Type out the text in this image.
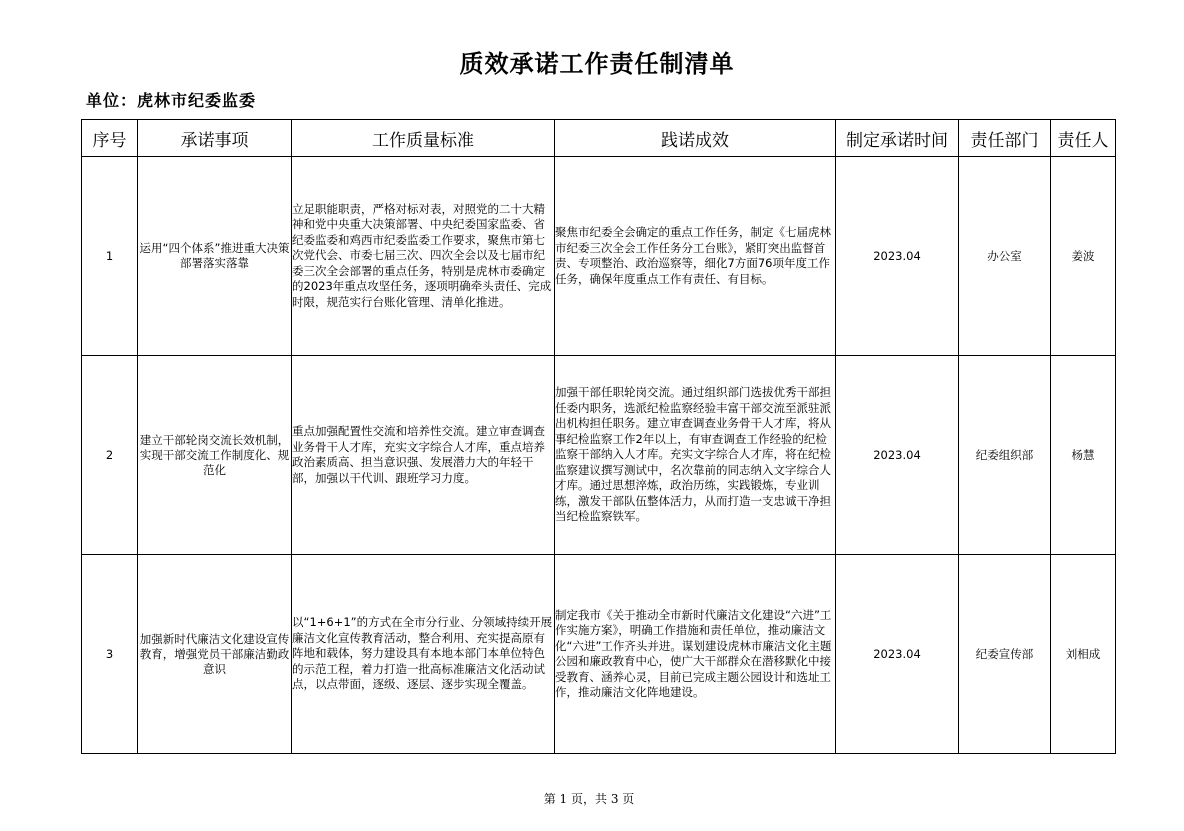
质效承诺工作责任制清单
单位：虎林市纪委监委
序号	承诺事项	工作质量标准	践诺成效	制定承诺时间	责任部门	责任人
1	运用“四个体系”推进重大决策部署落实落靠	立足职能职责，严格对标对表，对照党的二十大精神和党中央重大决策部署、中央纪委国家监委、省纪委监委和鸡西市纪委监委工作要求，聚焦市第七次党代会、市委七届三次、四次全会以及七届市纪委三次全会部署的重点任务，特别是虎林市委确定的2023年重点攻坚任务，逐项明确牵头责任、完成时限，规范实行台账化管理、清单化推进。	聚焦市纪委全会确定的重点工作任务，制定《七届虎林市纪委三次全会工作任务分工台账》，紧盯突出监督首责、专项整治、政治巡察等，细化7方面76项年度工作任务，确保年度重点工作有责任、有目标。	2023.04	办公室	姜波
2	建立干部轮岗交流长效机制，实现干部交流工作制度化、规范化	重点加强配置性交流和培养性交流。建立审查调查业务骨干人才库，充实文字综合人才库，重点培养政治素质高、担当意识强、发展潜力大的年轻干部，加强以干代训、跟班学习力度。	加强干部任职轮岗交流。通过组织部门选拔优秀干部担任委内职务，选派纪检监察经验丰富干部交流至派驻派出机构担任职务。建立审查调查业务骨干人才库，将从事纪检监察工作2年以上，有审查调查工作经验的纪检监察干部纳入人才库。充实文字综合人才库，将在纪检监察建议撰写测试中，名次靠前的同志纳入文字综合人才库。通过思想淬炼，政治历练，实践锻炼，专业训练，激发干部队伍整体活力，从而打造一支忠诚干净担当纪检监察铁军。	2023.04	纪委组织部	杨慧
3	加强新时代廉洁文化建设宣传教育，增强党员干部廉洁勤政意识	以“1+6+1”的方式在全市分行业、分领域持续开展廉洁文化宣传教育活动，整合利用、充实提高原有阵地和载体，努力建设具有本地本部门本单位特色的示范工程，着力打造一批高标准廉洁文化活动试点，以点带面，逐级、逐层、逐步实现全覆盖。	制定我市《关于推动全市新时代廉洁文化建设“六进”工作实施方案》，明确工作措施和责任单位，推动廉洁文化“六进”工作齐头并进。谋划建设虎林市廉洁文化主题公园和廉政教育中心，使广大干部群众在潜移默化中接受教育、涵养心灵，目前已完成主题公园设计和选址工作，推动廉洁文化阵地建设。	2023.04	纪委宣传部	刘相成
第 1 页，共 3 页
